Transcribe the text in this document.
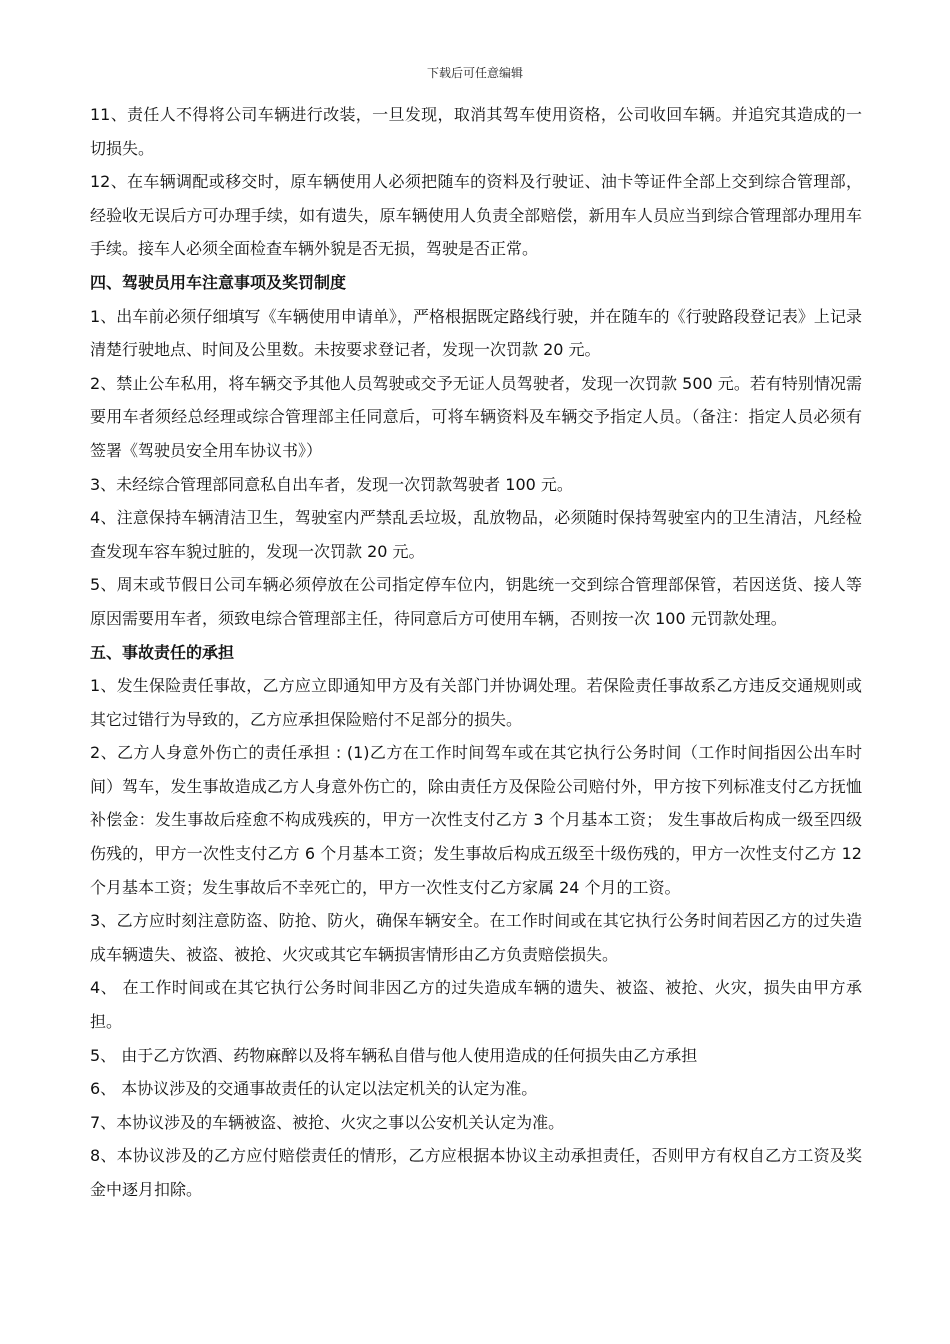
下载后可任意编辑

11、责任人不得将公司车辆进行改装，一旦发现，取消其驾车使用资格，公司收回车辆。并追究其造成的一切损失。

12、在车辆调配或移交时，原车辆使用人必须把随车的资料及行驶证、油卡等证件全部上交到综合管理部，经验收无误后方可办理手续，如有遗失，原车辆使用人负责全部赔偿，新用车人员应当到综合管理部办理用车手续。接车人必须全面检查车辆外貌是否无损，驾驶是否正常。

四、驾驶员用车注意事项及奖罚制度

1、出车前必须仔细填写《车辆使用申请单》，严格根据既定路线行驶，并在随车的《行驶路段登记表》上记录清楚行驶地点、时间及公里数。未按要求登记者，发现一次罚款 20 元。

2、禁止公车私用，将车辆交予其他人员驾驶或交予无证人员驾驶者，发现一次罚款 500 元。若有特别情况需要用车者须经总经理或综合管理部主任同意后，可将车辆资料及车辆交予指定人员。（备注：指定人员必须有签署《驾驶员安全用车协议书》）

3、未经综合管理部同意私自出车者，发现一次罚款驾驶者 100 元。

4、注意保持车辆清洁卫生，驾驶室内严禁乱丢垃圾，乱放物品，必须随时保持驾驶室内的卫生清洁，凡经检查发现车容车貌过脏的，发现一次罚款 20 元。

5、周末或节假日公司车辆必须停放在公司指定停车位内，钥匙统一交到综合管理部保管，若因送货、接人等原因需要用车者，须致电综合管理部主任，待同意后方可使用车辆，否则按一次 100 元罚款处理。

五、事故责任的承担

1、发生保险责任事故，乙方应立即通知甲方及有关部门并协调处理。若保险责任事故系乙方违反交通规则或其它过错行为导致的，乙方应承担保险赔付不足部分的损失。

2、乙方人身意外伤亡的责任承担 : (1)乙方在工作时间驾车或在其它执行公务时间（工作时间指因公出车时间）驾车，发生事故造成乙方人身意外伤亡的，除由责任方及保险公司赔付外，甲方按下列标准支付乙方抚恤补偿金：发生事故后痊愈不构成残疾的，甲方一次性支付乙方 3 个月基本工资； 发生事故后构成一级至四级伤残的，甲方一次性支付乙方 6 个月基本工资；发生事故后构成五级至十级伤残的，甲方一次性支付乙方 12 个月基本工资；发生事故后不幸死亡的，甲方一次性支付乙方家属 24 个月的工资。

3、乙方应时刻注意防盗、防抢、防火，确保车辆安全。在工作时间或在其它执行公务时间若因乙方的过失造成车辆遗失、被盗、被抢、火灾或其它车辆损害情形由乙方负责赔偿损失。

4、 在工作时间或在其它执行公务时间非因乙方的过失造成车辆的遗失、被盗、被抢、火灾，损失由甲方承担。

5、 由于乙方饮酒、药物麻醉以及将车辆私自借与他人使用造成的任何损失由乙方承担

6、 本协议涉及的交通事故责任的认定以法定机关的认定为准。

7、本协议涉及的车辆被盗、被抢、火灾之事以公安机关认定为准。

8、本协议涉及的乙方应付赔偿责任的情形，乙方应根据本协议主动承担责任，否则甲方有权自乙方工资及奖金中逐月扣除。
